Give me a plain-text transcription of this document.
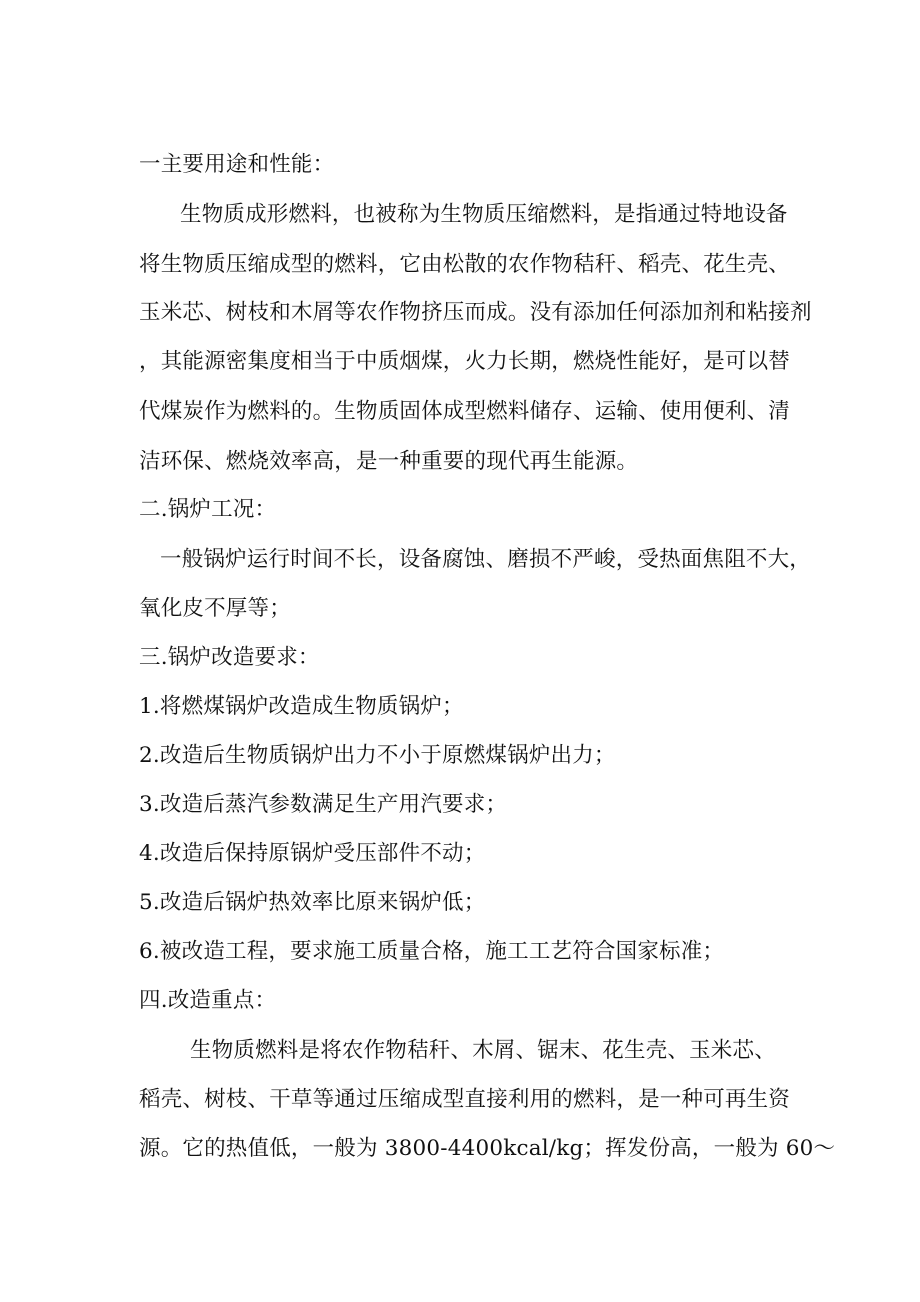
一主要用途和性能：
生物质成形燃料，也被称为生物质压缩燃料，是指通过特地设备
将生物质压缩成型的燃料，它由松散的农作物秸秆、稻壳、花生壳、
玉米芯、树枝和木屑等农作物挤压而成。没有添加任何添加剂和粘接剂
，其能源密集度相当于中质烟煤，火力长期，燃烧性能好，是可以替
代煤炭作为燃料的。生物质固体成型燃料储存、运输、使用便利、清
洁环保、燃烧效率高，是一种重要的现代再生能源。
二.锅炉工况：
一般锅炉运行时间不长，设备腐蚀、磨损不严峻，受热面焦阻不大，
氧化皮不厚等；
三.锅炉改造要求：
1.将燃煤锅炉改造成生物质锅炉；
2.改造后生物质锅炉出力不小于原燃煤锅炉出力；
3.改造后蒸汽参数满足生产用汽要求；
4.改造后保持原锅炉受压部件不动；
5.改造后锅炉热效率比原来锅炉低；
6.被改造工程，要求施工质量合格，施工工艺符合国家标准；
四.改造重点：
生物质燃料是将农作物秸秆、木屑、锯末、花生壳、玉米芯、
稻壳、树枝、干草等通过压缩成型直接利用的燃料，是一种可再生资
源。它的热值低，一般为 3800-4400kcal/kg；挥发份高，一般为 60～
